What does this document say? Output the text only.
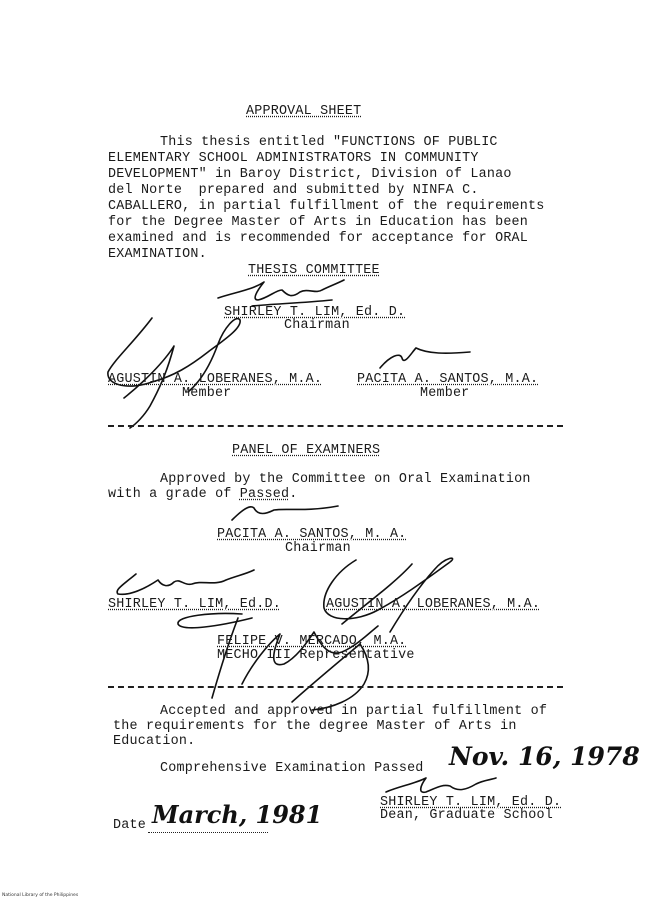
APPROVAL SHEET
This thesis entitled "FUNCTIONS OF PUBLIC
ELEMENTARY SCHOOL ADMINISTRATORS IN COMMUNITY
DEVELOPMENT" in Baroy District, Division of Lanao
del Norte  prepared and submitted by NINFA C.
CABALLERO, in partial fulfillment of the requirements
for the Degree Master of Arts in Education has been
examined and is recommended for acceptance for ORAL
EXAMINATION.
THESIS COMMITTEE
SHIRLEY T. LIM, Ed. D.
Chairman
AGUSTIN A. LOBERANES, M.A.
Member
PACITA A. SANTOS, M.A.
Member
PANEL OF EXAMINERS
Approved by the Committee on Oral Examination
with a grade of Passed.
PACITA A. SANTOS, M. A.
Chairman
SHIRLEY T. LIM, Ed.D.	AGUSTIN A. LOBERANES, M.A.
FELIPE V. MERCADO, M.A.
MECHO III Representative
Accepted and approved in partial fulfillment of
the requirements for the degree Master of Arts in
Education.
Comprehensive Examination Passed Nov. 16, 1978
SHIRLEY T. LIM, Ed. D.
Dean, Graduate School
Date March, 1981
National Library of the Philippines
